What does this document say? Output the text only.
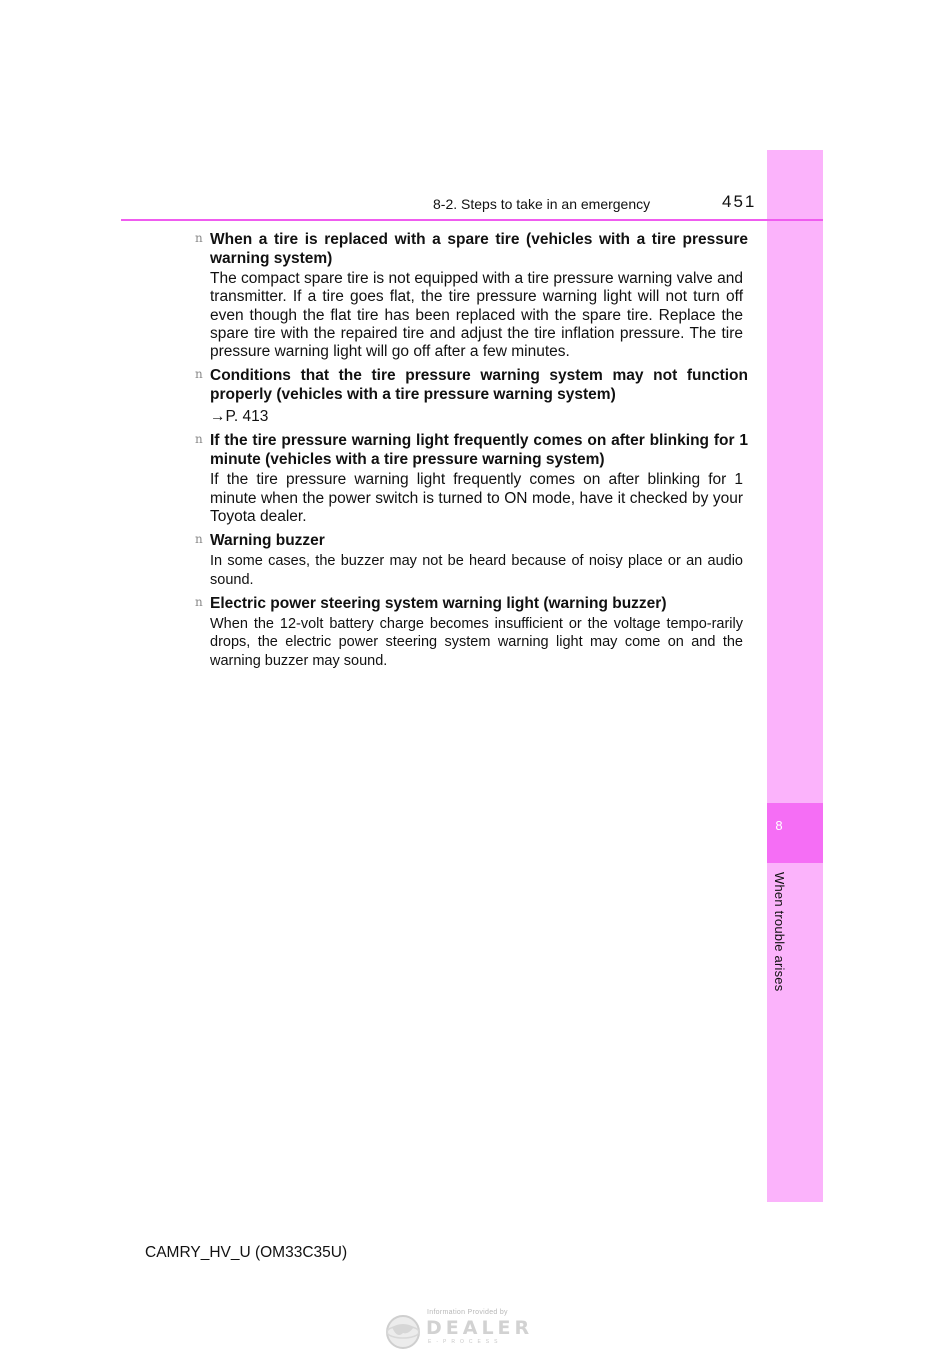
8
When trouble arises
8-2. Steps to take in an emergency	451
n When a tire is replaced with a spare tire (vehicles with a tire pressure warning system)
The compact spare tire is not equipped with a tire pressure warning valve and transmitter. If a tire goes flat, the tire pressure warning light will not turn off even though the flat tire has been replaced with the spare tire. Replace the spare tire with the repaired tire and adjust the tire inflation pressure. The tire pressure warning light will go off after a few minutes.
n Conditions that the tire pressure warning system may not function properly (vehicles with a tire pressure warning system)
→P. 413
n If the tire pressure warning light frequently comes on after blinking for 1 minute (vehicles with a tire pressure warning system)
If the tire pressure warning light frequently comes on after blinking for 1 minute when the power switch is turned to ON mode, have it checked by your Toyota dealer.
n Warning buzzer
In some cases, the buzzer may not be heard because of noisy place or an audio sound.
n Electric power steering system warning light (warning buzzer)
When the 12-volt battery charge becomes insufficient or the voltage tempo-rarily drops, the electric power steering system warning light may come on and the warning buzzer may sound.
CAMRY_HV_U (OM33C35U)
Information Provided by
DEALER
E-PROCESS
